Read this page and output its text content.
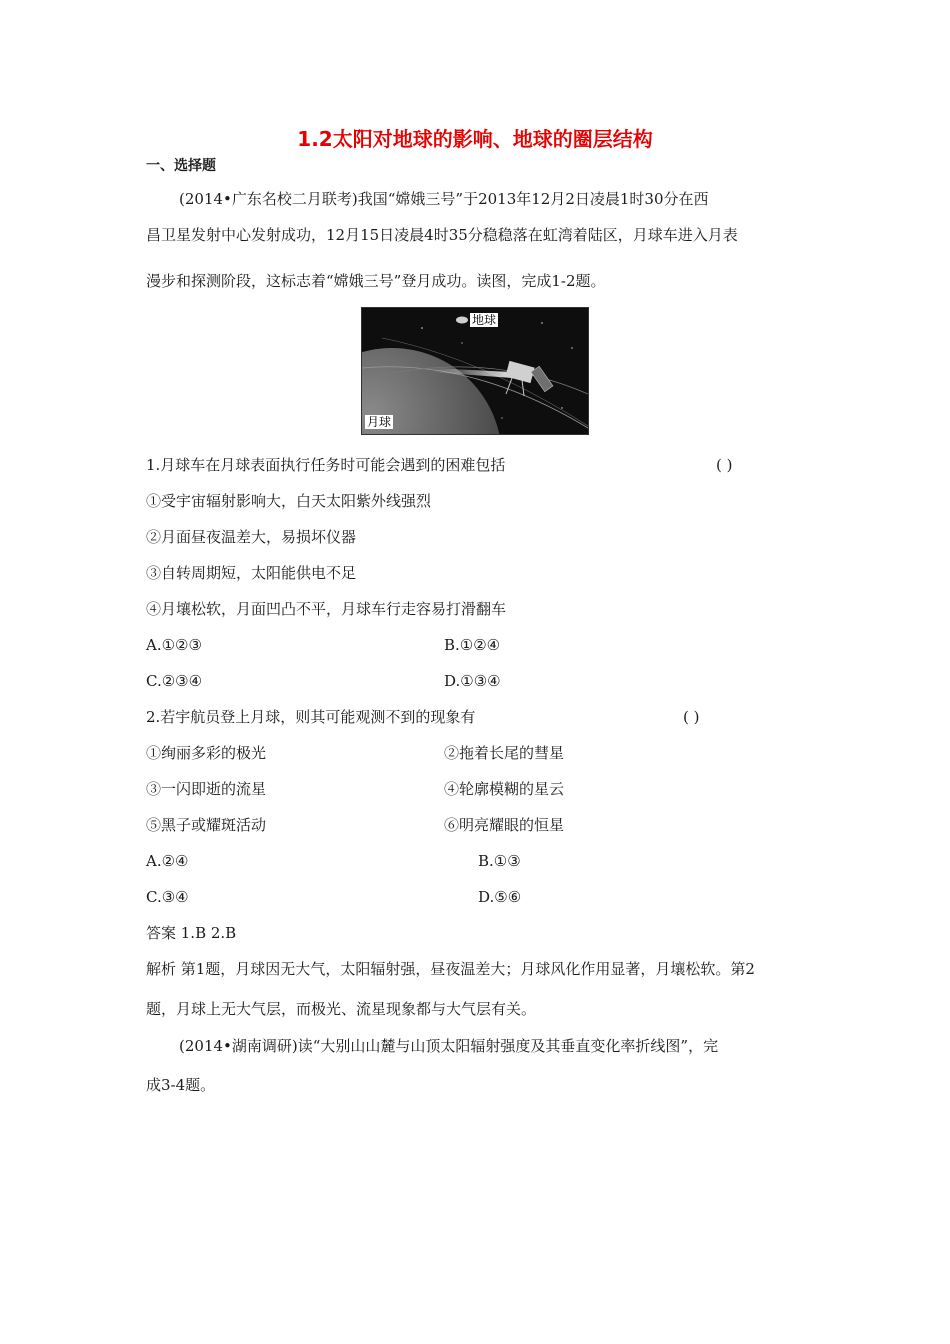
1.2太阳对地球的影响、地球的圈层结构
一、选择题
(2014•广东名校二月联考)我国“嫦娥三号”于2013年12月2日凌晨1时30分在西
昌卫星发射中心发射成功，12月15日凌晨4时35分稳稳落在虹湾着陆区，月球车进入月表
漫步和探测阶段，这标志着“嫦娥三号”登月成功。读图，完成1-2题。
地球
月球
1.月球车在月球表面执行任务时可能会遇到的困难包括	( )
①受宇宙辐射影响大，白天太阳紫外线强烈
②月面昼夜温差大，易损坏仪器
③自转周期短，太阳能供电不足
④月壤松软，月面凹凸不平，月球车行走容易打滑翻车
A.①②③	B.①②④
C.②③④	D.①③④
2.若宇航员登上月球，则其可能观测不到的现象有	( )
①绚丽多彩的极光	②拖着长尾的彗星
③一闪即逝的流星	④轮廓模糊的星云
⑤黑子或耀斑活动	⑥明亮耀眼的恒星
A.②④	B.①③
C.③④	D.⑤⑥
答案 1.B 2.B
解析 第1题，月球因无大气，太阳辐射强，昼夜温差大；月球风化作用显著，月壤松软。第2
题，月球上无大气层，而极光、流星现象都与大气层有关。
(2014•湖南调研)读“大别山山麓与山顶太阳辐射强度及其垂直变化率折线图”，完
成3-4题。
